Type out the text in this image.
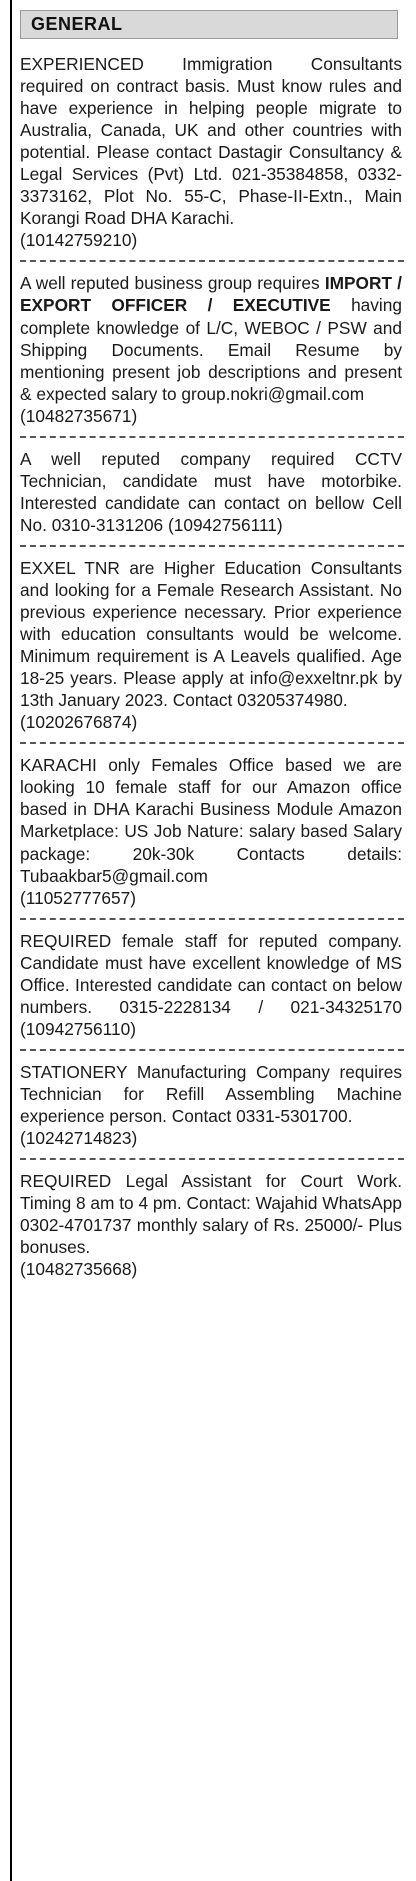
GENERAL
EXPERIENCED Immigration Consultants required on contract basis. Must know rules and have experience in helping people migrate to Australia, Canada, UK and other countries with potential. Please contact Dastagir Consultancy & Legal Services (Pvt) Ltd. 021-35384858, 0332-3373162, Plot No. 55-C, Phase-II-Extn., Main Korangi Road DHA Karachi.
(10142759210)
A well reputed business group requires IMPORT / EXPORT OFFICER / EXECUTIVE having complete knowledge of L/C, WEBOC / PSW and Shipping Documents. Email Resume by mentioning present job descriptions and present & expected salary to group.nokri@gmail.com
(10482735671)
A well reputed company required CCTV Technician, candidate must have motorbike. Interested candidate can contact on bellow Cell No. 0310-3131206 (10942756111)
EXXEL TNR are Higher Education Consultants and looking for a Female Research Assistant. No previous experience necessary. Prior experience with education consultants would be welcome. Minimum requirement is A Leavels qualified. Age 18-25 years. Please apply at info@exxeltnr.pk by 13th January 2023. Contact 03205374980.
(10202676874)
KARACHI only Females Office based we are looking 10 female staff for our Amazon office based in DHA Karachi Business Module Amazon Marketplace: US Job Nature: salary based Salary package: 20k-30k Contacts details: Tubaakbar5@gmail.com
(11052777657)
REQUIRED female staff for reputed company. Candidate must have excellent knowledge of MS Office. Interested candidate can contact on below numbers. 0315-2228134 / 021-34325170 (10942756110)
STATIONERY Manufacturing Company requires Technician for Refill Assembling Machine experience person. Contact 0331-5301700.
(10242714823)
REQUIRED Legal Assistant for Court Work. Timing 8 am to 4 pm. Contact: Wajahid WhatsApp 0302-4701737 monthly salary of Rs. 25000/- Plus bonuses.
(10482735668)
